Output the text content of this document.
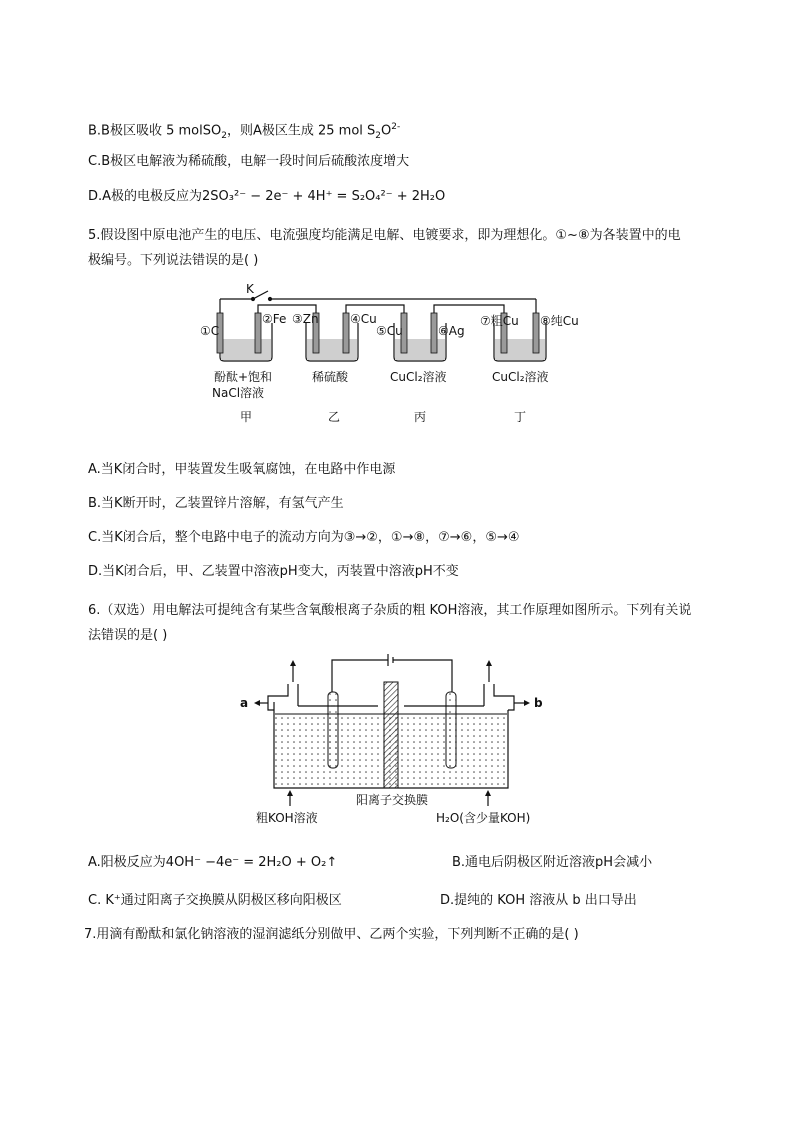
B.B极区吸收 5 molSO$_2$，则A极区生成 25 mol $S_2O^{2-}$
C.B极区电解液为稀硫酸，电解一段时间后硫酸浓度增大
D.A极的电极反应为2SO₃²⁻ − 2e⁻ + 4H⁺ = S₂O₄²⁻ + 2H₂O
5.假设图中原电池产生的电压、电流强度均能满足电解、电镀要求，即为理想化。①~⑧为各装置中的电
极编号。下列说法错误的是( )
K
①C
②Fe ③Zn	④Cu
⑤Cu	⑥Ag
⑦粗Cu ⑧纯Cu
酚酞+饱和
NaCl溶液
稀硫酸	CuCl₂溶液	CuCl₂溶液
甲	乙	丙	丁
A.当K闭合时，甲装置发生吸氧腐蚀，在电路中作电源
B.当K断开时，乙装置锌片溶解，有氢气产生
C.当K闭合后，整个电路中电子的流动方向为③→②，①→⑧，⑦→⑥，⑤→④
D.当K闭合后，甲、乙装置中溶液pH变大，丙装置中溶液pH不变
6.（双选）用电解法可提纯含有某些含氧酸根离子杂质的粗 KOH溶液，其工作原理如图所示。下列有关说
法错误的是( )
a	b
阳离子交换膜
粗KOH溶液	H₂O(含少量KOH)
A.阳极反应为4OH⁻ −4e⁻ = 2H₂O + O₂↑	B.通电后阴极区附近溶液pH会减小
C. K⁺通过阳离子交换膜从阴极区移向阳极区	D.提纯的 KOH 溶液从 b 出口导出
7.用滴有酚酞和氯化钠溶液的湿润滤纸分别做甲、乙两个实验，下列判断不正确的是( )
